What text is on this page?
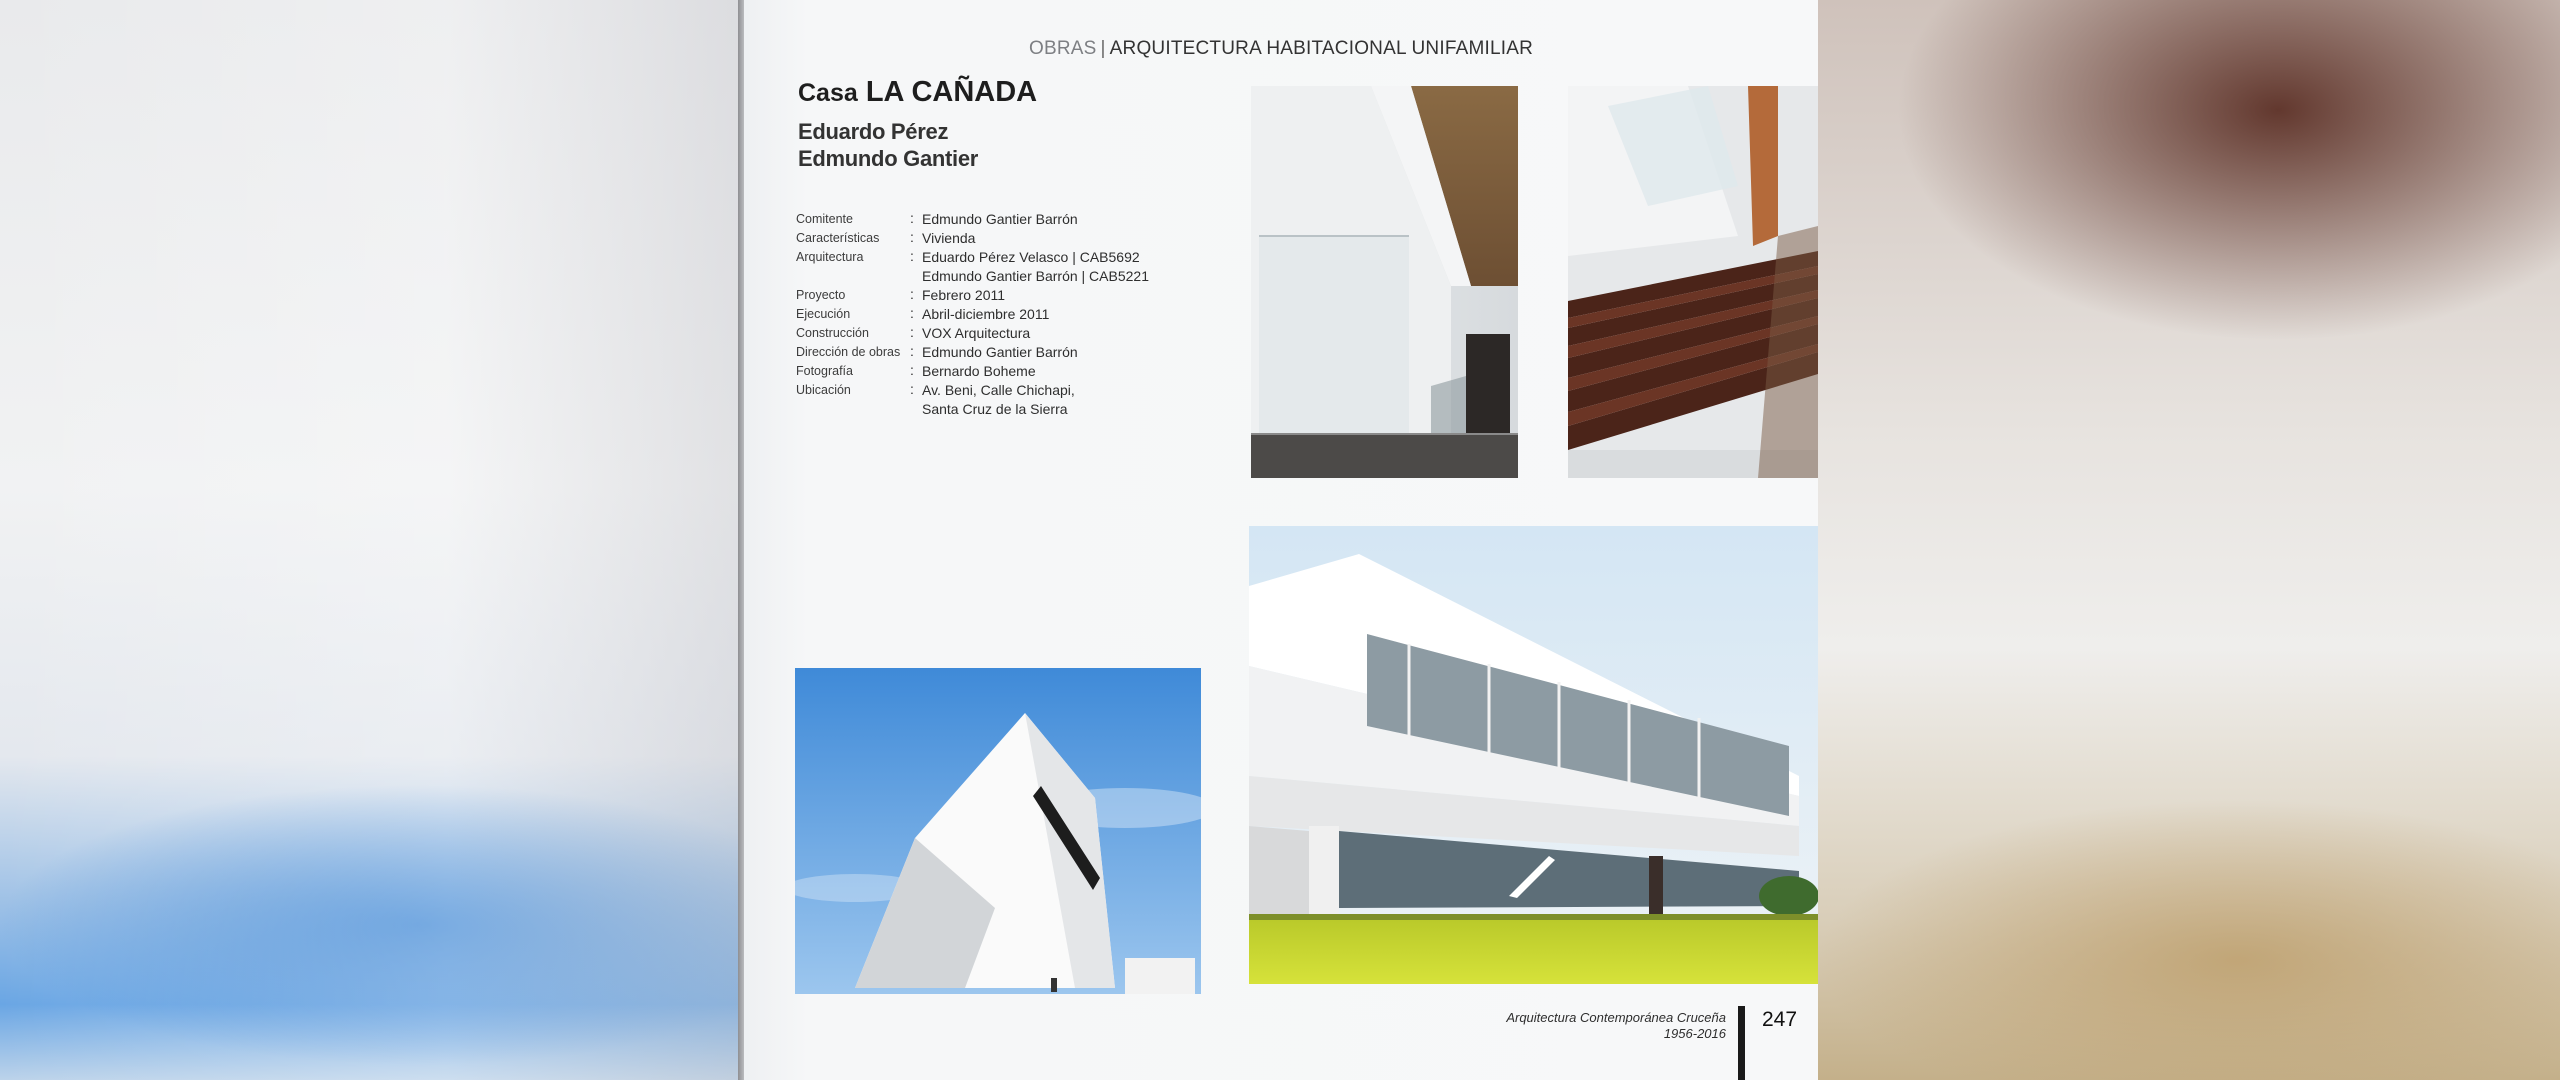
OBRAS | ARQUITECTURA HABITACIONAL UNIFAMILIAR
Casa LA CAÑADA
Eduardo Pérez
Edmundo Gantier
Comitente	: Edmundo Gantier Barrón
Características	: Vivienda
Arquitectura	: Eduardo Pérez Velasco | CAB5692
Edmundo Gantier Barrón | CAB5221
Proyecto	: Febrero 2011
Ejecución	: Abril-diciembre 2011
Construcción	: VOX Arquitectura
Dirección de obras : Edmundo Gantier Barrón
Fotografía	: Bernardo Boheme
Ubicación	: Av. Beni, Calle Chichapi,
Santa Cruz de la Sierra
Arquitectura Contemporánea Cruceña
1956-2016
247
